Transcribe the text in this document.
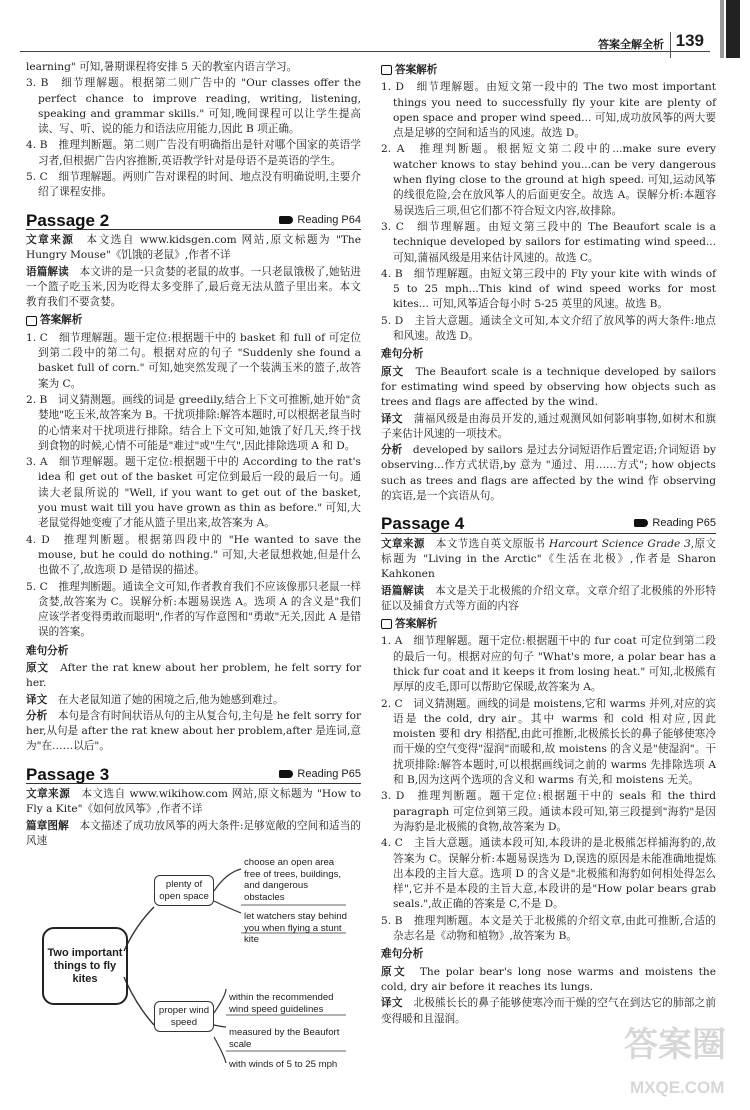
答案全解全析 139

learning" 可知,暑期课程将安排 5 天的教室内语言学习。

3. B　细节理解题。根据第二则广告中的 "Our classes offer the perfect chance to improve reading, writing, listening, speaking and grammar skills." 可知,晚间课程可以让学生提高读、写、听、说的能力和语法应用能力,因此 B 项正确。

4. B　推理判断题。第二则广告没有明确指出是针对哪个国家的英语学习者,但根据广告内容推断,英语教学针对是母语不是英语的学生。

5. C　细节理解题。两则广告对课程的时间、地点没有明确说明,主要介绍了课程安排。

Passage 2	Reading P64

文章来源　 本文选自 www.kidsgen.com 网站,原文标题为 "The Hungry Mouse"《饥饿的老鼠》,作者不详

语篇解读　 本文讲的是一只贪婪的老鼠的故事。一只老鼠饿极了,她钻进一个篮子吃玉米,因为吃得太多变胖了,最后竟无法从篮子里出来。本文教育我们不要贪婪。

答案解析

1. C　细节理解题。题干定位:根据题干中的 basket 和 full of 可定位到第二段中的第二句。根据对应的句子 "Suddenly she found a basket full of corn." 可知,她突然发现了一个装满玉米的篮子,故答案为 C。

2. B　词义猜测题。画线的词是 greedily,结合上下文可推断,她开始"贪婪地"吃玉米,故答案为 B。干扰项排除:解答本题时,可以根据老鼠当时的心情来对干扰项进行排除。结合上下文可知,她饿了好几天,终于找到食物的时候,心情不可能是"难过"或"生气",因此排除选项 A 和 D。

3. A　细节理解题。题干定位:根据题干中的 According to the rat's idea 和 get out of the basket 可定位到最后一段的最后一句。通读大老鼠所说的 "Well, if you want to get out of the basket, you must wait till you have grown as thin as before." 可知,大老鼠觉得她变瘦了才能从篮子里出来,故答案为 A。

4. D　推理判断题。根据第四段中的 "He wanted to save the mouse, but he could do nothing." 可知,大老鼠想救她,但是什么也做不了,故选项 D 是错误的描述。

5. C　推理判断题。通读全文可知,作者教育我们不应该像那只老鼠一样贪婪,故答案为 C。误解分析:本题易误选 A。选项 A 的含义是"我们应该学者变得勇敢而聪明",作者的写作意图和"勇敢"无关,因此 A 是错误的答案。

难句分析

原文　 After the rat knew about her problem, he felt sorry for her.

译文　 在大老鼠知道了她的困境之后,他为她感到难过。

分析　 本句是含有时间状语从句的主从复合句,主句是 he felt sorry for her,从句是 after the rat knew about her problem,after 是连词,意为"在……以后"。

Passage 3	Reading P65

文章来源　 本文选自 www.wikihow.com 网站,原文标题为 "How to Fly a Kite"《如何放风筝》,作者不详

篇章图解　 本文描述了成功放风筝的两大条件:足够宽敞的空间和适当的风速

Two important things to fly kites
plenty of open space
proper wind speed
choose an open area free of trees, buildings, and dangerous obstacles
let watchers stay behind you when flying a stunt kite
within the recommended wind speed guidelines
measured by the Beaufort scale
with winds of 5 to 25 mph
答案解析

1. D　细节理解题。由短文第一段中的 The two most important things you need to successfully fly your kite are plenty of open space and proper wind speed... 可知,成功放风筝的两大要点是足够的空间和适当的风速。故选 D。

2. A　推理判断题。根据短文第二段中的...make sure every watcher knows to stay behind you...can be very dangerous when flying close to the ground at high speed. 可知,运动风筝的线很危险,会在放风筝人的后面更安全。故选 A。误解分析:本题容易误选后三项,但它们都不符合短文内容,故排除。

3. C　细节理解题。由短文第三段中的 The Beaufort scale is a technique developed by sailors for estimating wind speed... 可知,蒲福风级是用来估计风速的。故选 C。

4. B　细节理解题。由短文第三段中的 Fly your kite with winds of 5 to 25 mph...This kind of wind speed works for most kites... 可知,风筝适合每小时 5-25 英里的风速。故选 B。

5. D　主旨大意题。通读全文可知,本文介绍了放风筝的两大条件:地点和风速。故选 D。

难句分析

原文　 The Beaufort scale is a technique developed by sailors for estimating wind speed by observing how objects such as trees and flags are affected by the wind.

译文　 蒲福风级是由海员开发的,通过观测风如何影响事物,如树木和旗子来估计风速的一项技术。

分析　 developed by sailors 是过去分词短语作后置定语;介词短语 by observing...作方式状语,by 意为 "通过、用……方式"; how objects such as trees and flags are affected by the wind 作 observing 的宾语,是一个宾语从句。

Passage 4	Reading P65

文章来源　 本文节选自英文原版书 Harcourt Science Grade 3,原文标题为 "Living in the Arctic"《生活在北极》,作者是 Sharon Kahkonen

语篇解读　 本文是关于北极熊的介绍文章。文章介绍了北极熊的外形特征以及捕食方式等方面的内容

答案解析

1. A　细节理解题。题干定位:根据题干中的 fur coat 可定位到第二段的最后一句。根据对应的句子 "What's more, a polar bear has a thick fur coat and it keeps it from losing heat." 可知,北极熊有厚厚的皮毛,即可以帮助它保暖,故答案为 A。

2. C　词义猜测题。画线的词是 moistens,它和 warms 并列,对应的宾语是 the cold, dry air。其中 warms 和 cold 相对应,因此 moisten 要和 dry 相搭配,由此可推断,北极熊长长的鼻子能够使寒冷而干燥的空气变得"湿润"而暖和,故 moistens 的含义是"使湿润"。干扰项排除:解答本题时,可以根据画线词之前的 warms 先排除选项 A 和 B,因为这两个选项的含义和 warms 有关,和 moistens 无关。

3. D　推理判断题。题干定位:根据题干中的 seals 和 the third paragraph 可定位到第三段。通读本段可知,第三段提到"海豹"是因为海豹是北极熊的食物,故答案为 D。

4. C　主旨大意题。通读本段可知,本段讲的是北极熊怎样捕海豹的,故答案为 C。误解分析:本题易误选为 D,误选的原因是未能准确地提炼出本段的主旨大意。选项 D 的含义是"北极熊和海豹如何相处得怎么样",它并不是本段的主旨大意,本段讲的是"How polar bears grab seals.",故正确的答案是 C,不是 D。

5. B　推理判断题。本文是关于北极熊的介绍文章,由此可推断,合适的杂志名是《动物和植物》,故答案为 B。

难句分析

原文　 The polar bear's long nose warms and moistens the cold, dry air before it reaches its lungs.

译文　 北极熊长长的鼻子能够使寒冷而干燥的空气在到达它的肺部之前变得暖和且湿润。

答案圈
MXQE.COM
